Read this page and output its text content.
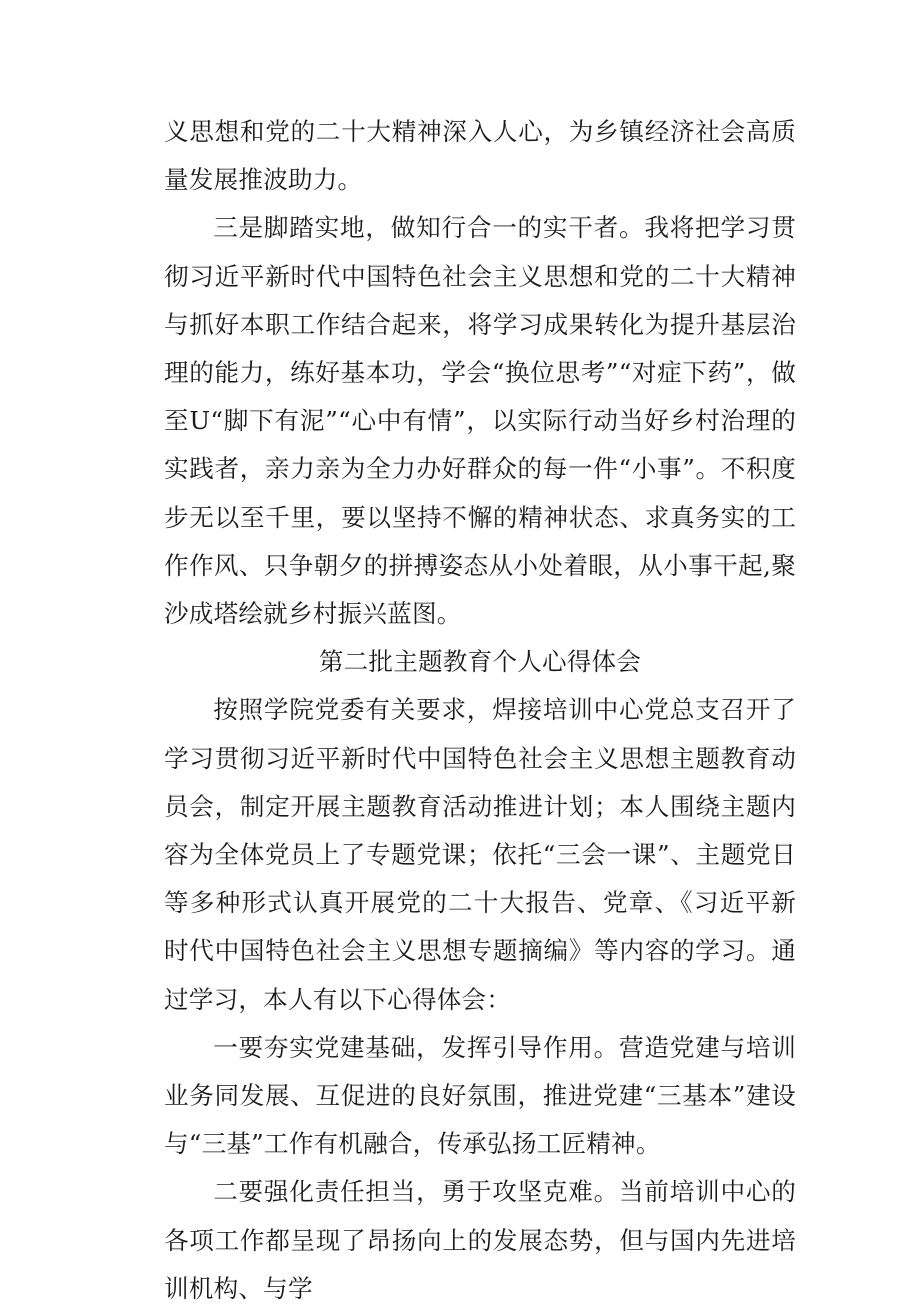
义思想和党的二十大精神深入人心，为乡镇经济社会高质量发展推波助力。

三是脚踏实地，做知行合一的实干者。我将把学习贯彻习近平新时代中国特色社会主义思想和党的二十大精神与抓好本职工作结合起来，将学习成果转化为提升基层治理的能力，练好基本功，学会“换位思考”“对症下药”，做至U“脚下有泥”“心中有情”，以实际行动当好乡村治理的实践者，亲力亲为全力办好群众的每一件“小事”。不积度步无以至千里，要以坚持不懈的精神状态、求真务实的工作作风、只争朝夕的拼搏姿态从小处着眼，从小事干起,聚沙成塔绘就乡村振兴蓝图。

第二批主题教育个人心得体会

按照学院党委有关要求，焊接培训中心党总支召开了学习贯彻习近平新时代中国特色社会主义思想主题教育动员会，制定开展主题教育活动推进计划；本人围绕主题内容为全体党员上了专题党课；依托“三会一课”、主题党日等多种形式认真开展党的二十大报告、党章、《习近平新时代中国特色社会主义思想专题摘编》等内容的学习。通过学习，本人有以下心得体会：

一要夯实党建基础，发挥引导作用。营造党建与培训业务同发展、互促进的良好氛围，推进党建“三基本”建设与“三基”工作有机融合，传承弘扬工匠精神。

二要强化责任担当，勇于攻坚克难。当前培训中心的各项工作都呈现了昂扬向上的发展态势，但与国内先进培训机构、与学
